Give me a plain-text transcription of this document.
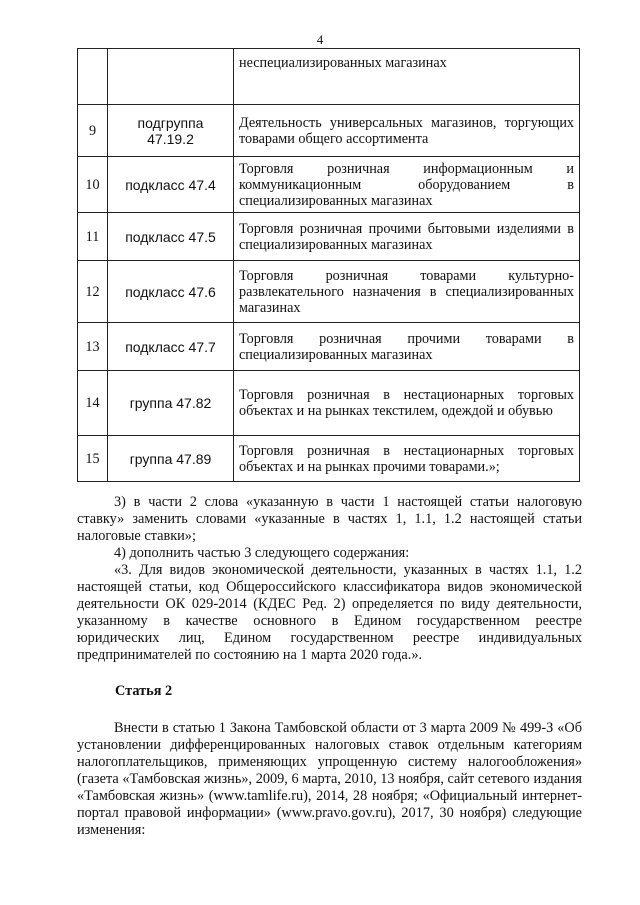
4
		неспециализированных магазинах
9	подгруппа 47.19.2	Деятельность универсальных магазинов, торгующих товарами общего ассортимента
10	подкласс 47.4	Торговля розничная информационным и коммуникационным оборудованием в специализированных магазинах
11	подкласс 47.5	Торговля розничная прочими бытовыми изделиями в специализированных магазинах
12	подкласс 47.6	Торговля розничная товарами культурно-развлекательного назначения в специализированных магазинах
13	подкласс 47.7	Торговля розничная прочими товарами в специализированных магазинах
14	группа 47.82	Торговля розничная в нестационарных торговых объектах и на рынках текстилем, одеждой и обувью
15	группа 47.89	Торговля розничная в нестационарных торговых объектах и на рынках прочими товарами.»;

3) в части 2 слова «указанную в части 1 настоящей статьи налоговую ставку» заменить словами «указанные в частях 1, 1.1, 1.2 настоящей статьи налоговые ставки»;

4) дополнить частью 3 следующего содержания:

«3. Для видов экономической деятельности, указанных в частях 1.1, 1.2 настоящей статьи, код Общероссийского классификатора видов экономической деятельности ОК 029-2014 (КДЕС Ред. 2) определяется по виду деятельности, указанному в качестве основного в Едином государственном реестре юридических лиц, Едином государственном реестре индивидуальных предпринимателей по состоянию на 1 марта 2020 года.».

Статья 2

Внести в статью 1 Закона Тамбовской области от 3 марта 2009 № 499-З «Об установлении дифференцированных налоговых ставок отдельным категориям налогоплательщиков, применяющих упрощенную систему налогообложения» (газета «Тамбовская жизнь», 2009, 6 марта, 2010, 13 ноября, сайт сетевого издания «Тамбовская жизнь» (www.tamlife.ru), 2014, 28 ноября; «Официальный интернет-портал правовой информации» (www.pravo.gov.ru), 2017, 30 ноября) следующие изменения:
